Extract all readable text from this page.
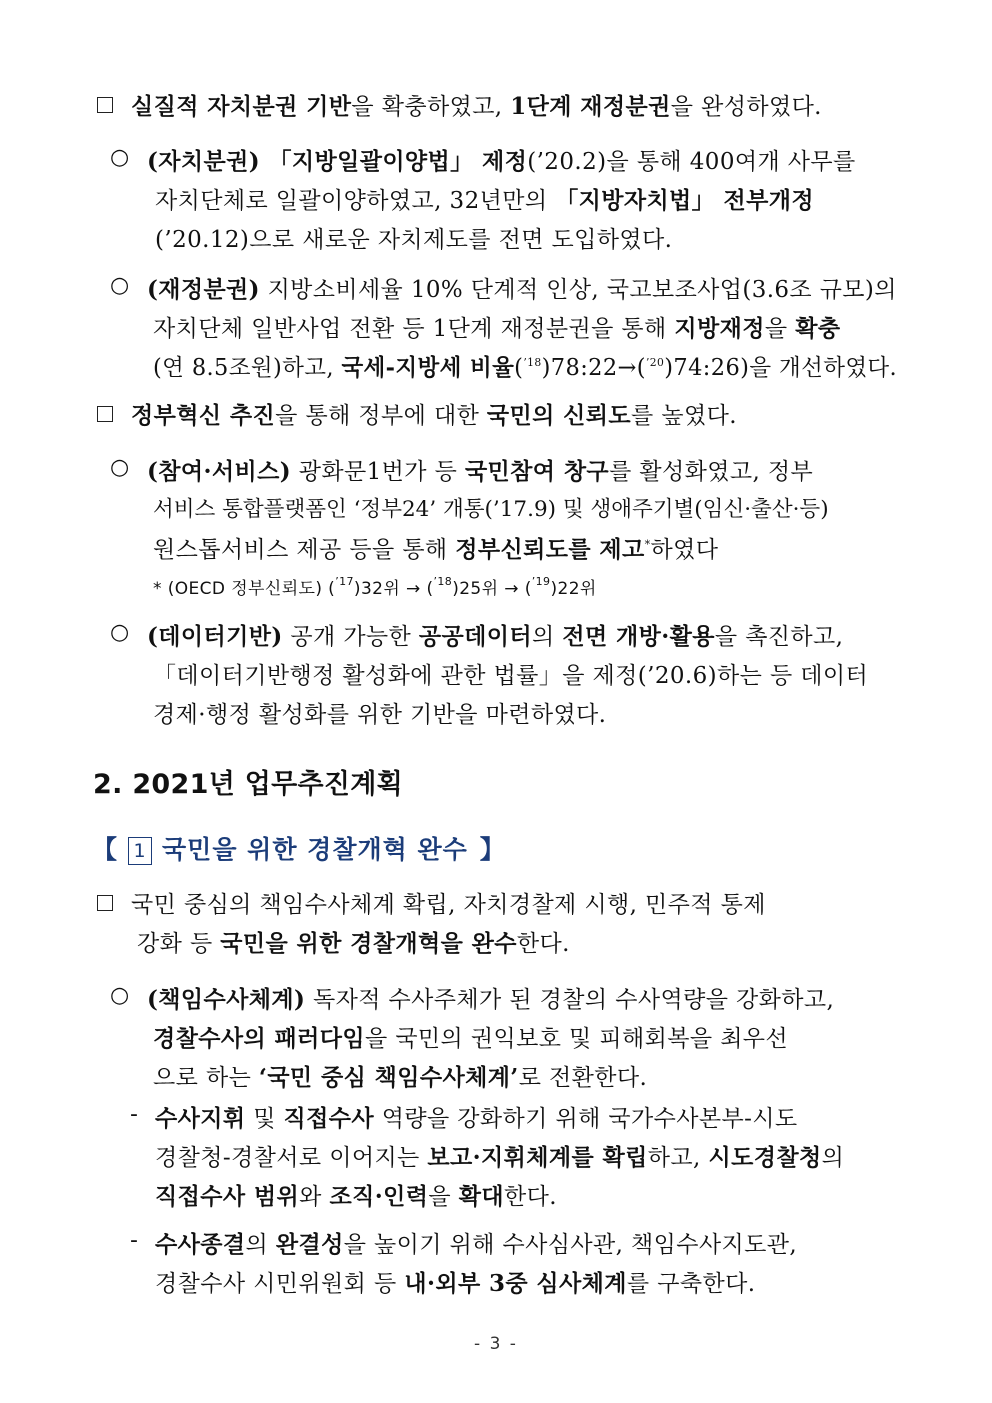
실질적 자치분권 기반을 확충하였고, 1단계 재정분권을 완성하였다.
○ (자치분권) 「지방일괄이양법」 제정(’20.2)을 통해 400여개 사무를
자치단체로 일괄이양하였고, 32년만의 「지방자치법」 전부개정
(’20.12)으로 새로운 자치제도를 전면 도입하였다.
○ (재정분권) 지방소비세율 10% 단계적 인상, 국고보조사업(3.6조 규모)의
자치단체 일반사업 전환 등 1단계 재정분권을 통해 지방재정을 확충
(연 8.5조원)하고, 국세-지방세 비율($^{’18}$)78:22→($^{’20}$)74:26)을 개선하였다.
정부혁신 추진을 통해 정부에 대한 국민의 신뢰도를 높였다.
○ (참여·서비스) 광화문1번가 등 국민참여 창구를 활성화였고, 정부
서비스 통합플랫폼인 ‘정부24’ 개통(’17.9) 및 생애주기별(임신·출산·등)
원스톱서비스 제공 등을 통해 정부신뢰도를 제고*하였다
* (OECD 정부신뢰도) ($^{’17}$)32위 → ($^{’18}$)25위 → ($^{’19}$)22위
○ (데이터기반) 공개 가능한 공공데이터의 전면 개방·활용을 촉진하고,
「데이터기반행정 활성화에 관한 법률」을 제정(’20.6)하는 등 데이터
경제·행정 활성화를 위한 기반을 마련하였다.
2. 2021년 업무추진계획
【 1 국민을 위한 경찰개혁 완수 】
국민 중심의 책임수사체계 확립, 자치경찰제 시행, 민주적 통제
강화 등 국민을 위한 경찰개혁을 완수한다.
○ (책임수사체계) 독자적 수사주체가 된 경찰의 수사역량을 강화하고,
경찰수사의 패러다임을 국민의 권익보호 및 피해회복을 최우선
으로 하는 ‘국민 중심 책임수사체계’로 전환한다.
- 수사지휘 및 직접수사 역량을 강화하기 위해 국가수사본부-시도
경찰청-경찰서로 이어지는 보고·지휘체계를 확립하고, 시도경찰청의
직접수사 범위와 조직·인력을 확대한다.
- 수사종결의 완결성을 높이기 위해 수사심사관, 책임수사지도관,
경찰수사 시민위원회 등 내·외부 3중 심사체계를 구축한다.
- 3 -
